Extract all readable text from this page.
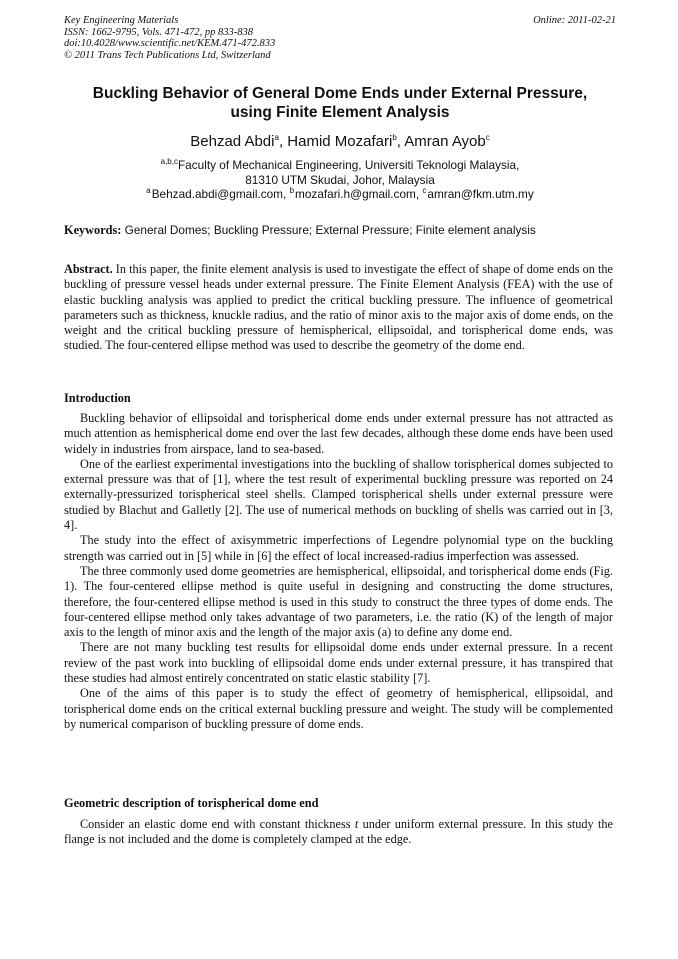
Key Engineering Materials
ISSN: 1662-9795, Vols. 471-472, pp 833-838
doi:10.4028/www.scientific.net/KEM.471-472.833
© 2011 Trans Tech Publications Ltd, Switzerland
Online: 2011-02-21
Buckling Behavior of General Dome Ends under External Pressure,
using Finite Element Analysis
Behzad Abdi$^a$, Hamid Mozafari$^b$, Amran Ayob$^c$
$^{a,b,c}$Faculty of Mechanical Engineering, Universiti Teknologi Malaysia,
81310 UTM Skudai, Johor, Malaysia
$^a$ Behzad.abdi@gmail.com, $^b$ mozafari.h@gmail.com, $^c$ amran@fkm.utm.my
Keywords: General Domes; Buckling Pressure; External Pressure; Finite element analysis

Abstract. In this paper, the finite element analysis is used to investigate the effect of shape of dome ends on the buckling of pressure vessel heads under external pressure. The Finite Element Analysis (FEA) with the use of elastic buckling analysis was applied to predict the critical buckling pressure. The influence of geometrical parameters such as thickness, knuckle radius, and the ratio of minor axis to the major axis of dome ends, on the weight and the critical buckling pressure of hemispherical, ellipsoidal, and torispherical dome ends, was studied. The four-centered ellipse method was used to describe the geometry of the dome end.

Introduction

Buckling behavior of ellipsoidal and torispherical dome ends under external pressure has not attracted as much attention as hemispherical dome end over the last few decades, although these dome ends have been used widely in industries from airspace, land to sea-based.

One of the earliest experimental investigations into the buckling of shallow torispherical domes subjected to external pressure was that of [1], where the test result of experimental buckling pressure was reported on 24 externally-pressurized torispherical steel shells. Clamped torispherical shells under external pressure were studied by Blachut and Galletly [2]. The use of numerical methods on buckling of shells was carried out in [3, 4].

The study into the effect of axisymmetric imperfections of Legendre polynomial type on the buckling strength was carried out in [5] while in [6] the effect of local increased-radius imperfection was assessed.

The three commonly used dome geometries are hemispherical, ellipsoidal, and torispherical dome ends (Fig. 1). The four-centered ellipse method is quite useful in designing and constructing the dome structures, therefore, the four-centered ellipse method is used in this study to construct the three types of dome ends. The four-centered ellipse method only takes advantage of two parameters, i.e. the ratio (K) of the length of major axis to the length of minor axis and the length of the major axis (a) to define any dome end.

There are not many buckling test results for ellipsoidal dome ends under external pressure. In a recent review of the past work into buckling of ellipsoidal dome ends under external pressure, it has transpired that these studies had almost entirely concentrated on static elastic stability [7].

One of the aims of this paper is to study the effect of geometry of hemispherical, ellipsoidal, and torispherical dome ends on the critical external buckling pressure and weight. The study will be complemented by numerical comparison of buckling pressure of dome ends.

Geometric description of torispherical dome end

Consider an elastic dome end with constant thickness t under uniform external pressure. In this study the flange is not included and the dome is completely clamped at the edge.
